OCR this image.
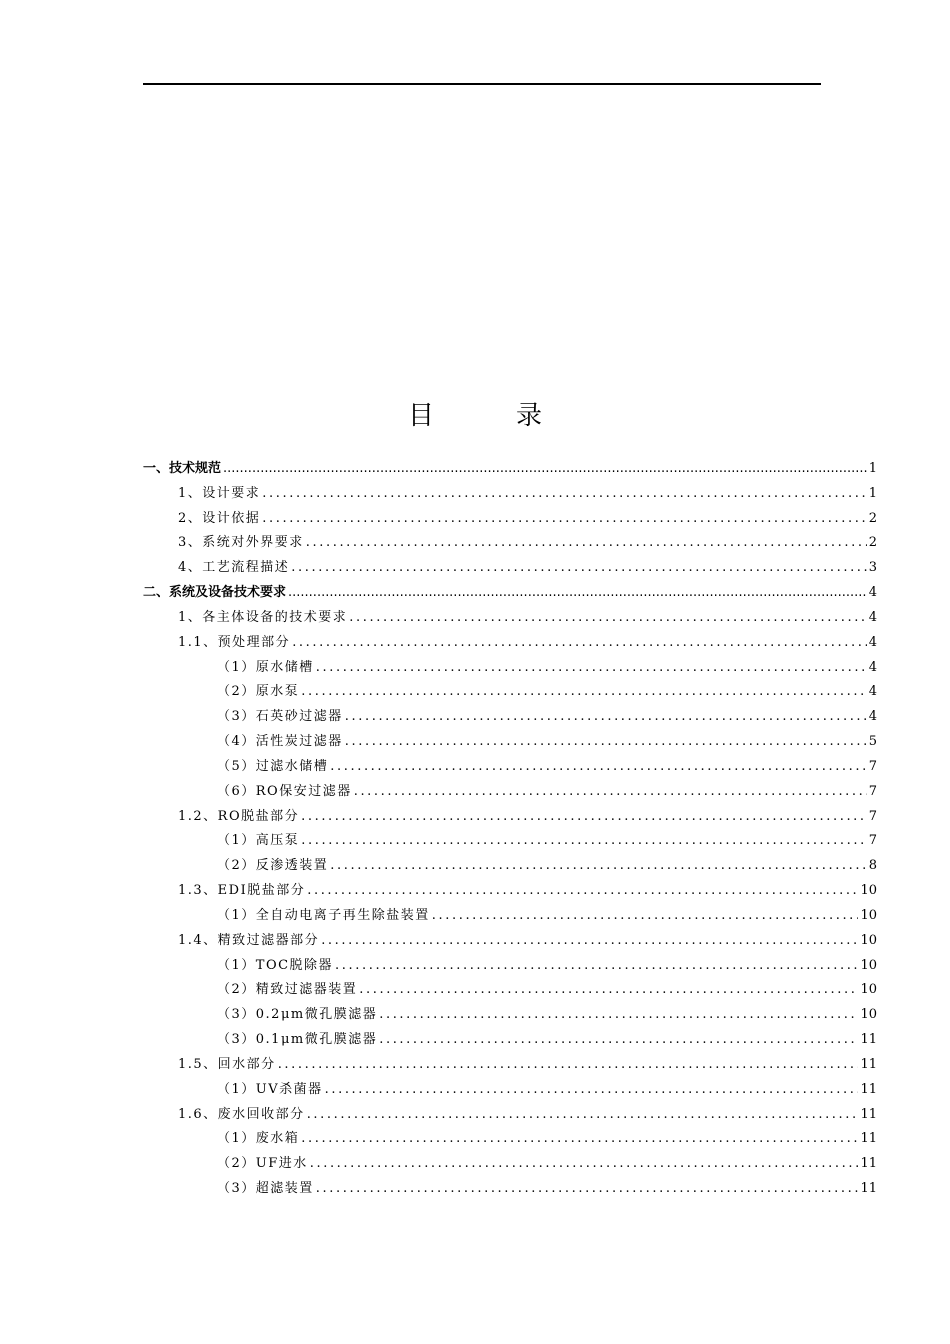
目	录
一、技术规范 .....	1
1、设计要求 .....	1
2、设计依据 .....	2
3、系统对外界要求 .....	2
4、工艺流程描述 .....	3
二、系统及设备技术要求 .....	4
1、各主体设备的技术要求 .....	4
1.1、预处理部分 .....	4
（1）原水储槽 .....	4
（2）原水泵 .....	4
（3）石英砂过滤器 .....	4
（4）活性炭过滤器 .....	5
（5）过滤水储槽 .....	7
（6）RO保安过滤器 .....	7
1.2、RO脱盐部分 .....	7
（1）高压泵 .....	7
（2）反渗透装置 .....	8
1.3、EDI脱盐部分 .....	10
（1）全自动电离子再生除盐装置 .....	10
1.4、精致过滤器部分 .....	10
（1）TOC脱除器 .....	10
（2）精致过滤器装置 .....	10
（3）0.2μm微孔膜滤器 .....	10
（3）0.1μm微孔膜滤器 .....	11
1.5、回水部分 .....	11
（1）UV杀菌器 .....	11
1.6、废水回收部分 .....	11
（1）废水箱 .....	11
（2）UF进水 .....	11
（3）超滤装置 .....	11
